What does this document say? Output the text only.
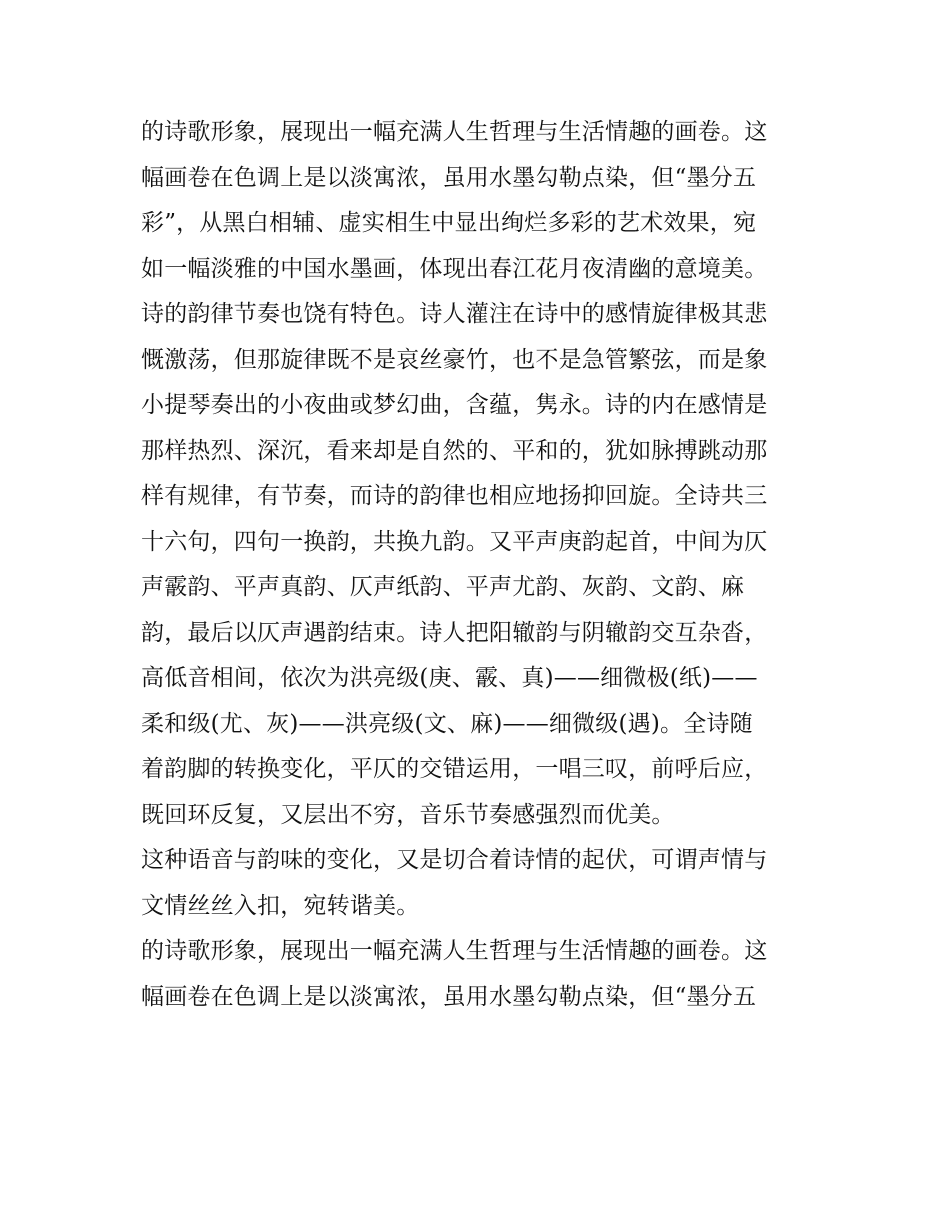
的诗歌形象，展现出一幅充满人生哲理与生活情趣的画卷。这
幅画卷在色调上是以淡寓浓，虽用水墨勾勒点染，但“墨分五
彩”，从黑白相辅、虚实相生中显出绚烂多彩的艺术效果，宛
如一幅淡雅的中国水墨画，体现出春江花月夜清幽的意境美。
诗的韵律节奏也饶有特色。诗人灌注在诗中的感情旋律极其悲
慨激荡，但那旋律既不是哀丝豪竹，也不是急管繁弦，而是象
小提琴奏出的小夜曲或梦幻曲，含蕴，隽永。诗的内在感情是
那样热烈、深沉，看来却是自然的、平和的，犹如脉搏跳动那
样有规律，有节奏，而诗的韵律也相应地扬抑回旋。全诗共三
十六句，四句一换韵，共换九韵。又平声庚韵起首，中间为仄
声霰韵、平声真韵、仄声纸韵、平声尤韵、灰韵、文韵、麻
韵，最后以仄声遇韵结束。诗人把阳辙韵与阴辙韵交互杂沓，
高低音相间，依次为洪亮级(庚、霰、真)——细微极(纸)——
柔和级(尤、灰)——洪亮级(文、麻)——细微级(遇)。全诗随
着韵脚的转换变化，平仄的交错运用，一唱三叹，前呼后应，
既回环反复，又层出不穷，音乐节奏感强烈而优美。
这种语音与韵味的变化，又是切合着诗情的起伏，可谓声情与
文情丝丝入扣，宛转谐美。
的诗歌形象，展现出一幅充满人生哲理与生活情趣的画卷。这
幅画卷在色调上是以淡寓浓，虽用水墨勾勒点染，但“墨分五
